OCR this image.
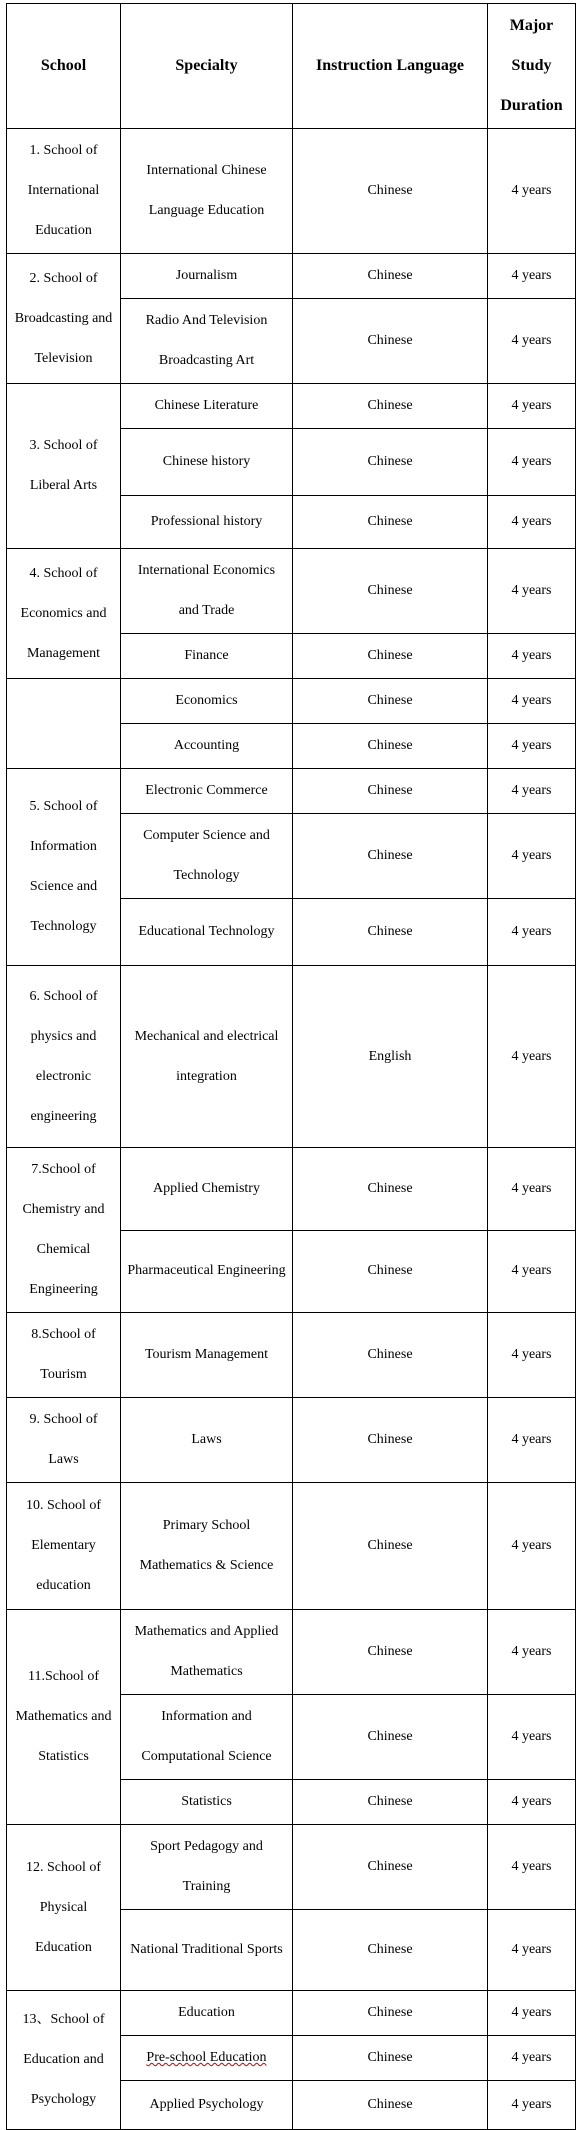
School	Specialty	Instruction Language	Major Study Duration
1. School of International Education	International Chinese Language Education	Chinese	4 years
2. School of Broadcasting and Television	Journalism	Chinese	4 years
	Radio And Television Broadcasting Art	Chinese	4 years
3. School of Liberal Arts	Chinese Literature	Chinese	4 years
	Chinese history	Chinese	4 years
	Professional history	Chinese	4 years
4. School of Economics and Management	International Economics and Trade	Chinese	4 years
	Finance	Chinese	4 years
	Economics	Chinese	4 years
	Accounting	Chinese	4 years
5. School of Information Science and Technology	Electronic Commerce	Chinese	4 years
	Computer Science and Technology	Chinese	4 years
	Educational Technology	Chinese	4 years
6. School of physics and electronic engineering	Mechanical and electrical integration	English	4 years
7.School of Chemistry and Chemical Engineering	Applied Chemistry	Chinese	4 years
	Pharmaceutical Engineering	Chinese	4 years
8.School of Tourism	Tourism Management	Chinese	4 years
9. School of Laws	Laws	Chinese	4 years
10. School of Elementary education	Primary School Mathematics & Science	Chinese	4 years
11.School of Mathematics and Statistics	Mathematics and Applied Mathematics	Chinese	4 years
	Information and Computational Science	Chinese	4 years
	Statistics	Chinese	4 years
12. School of Physical Education	Sport Pedagogy and Training	Chinese	4 years
	National Traditional Sports	Chinese	4 years
13、School of Education and Psychology	Education	Chinese	4 years
	Pre-school Education	Chinese	4 years
	Applied Psychology	Chinese	4 years
